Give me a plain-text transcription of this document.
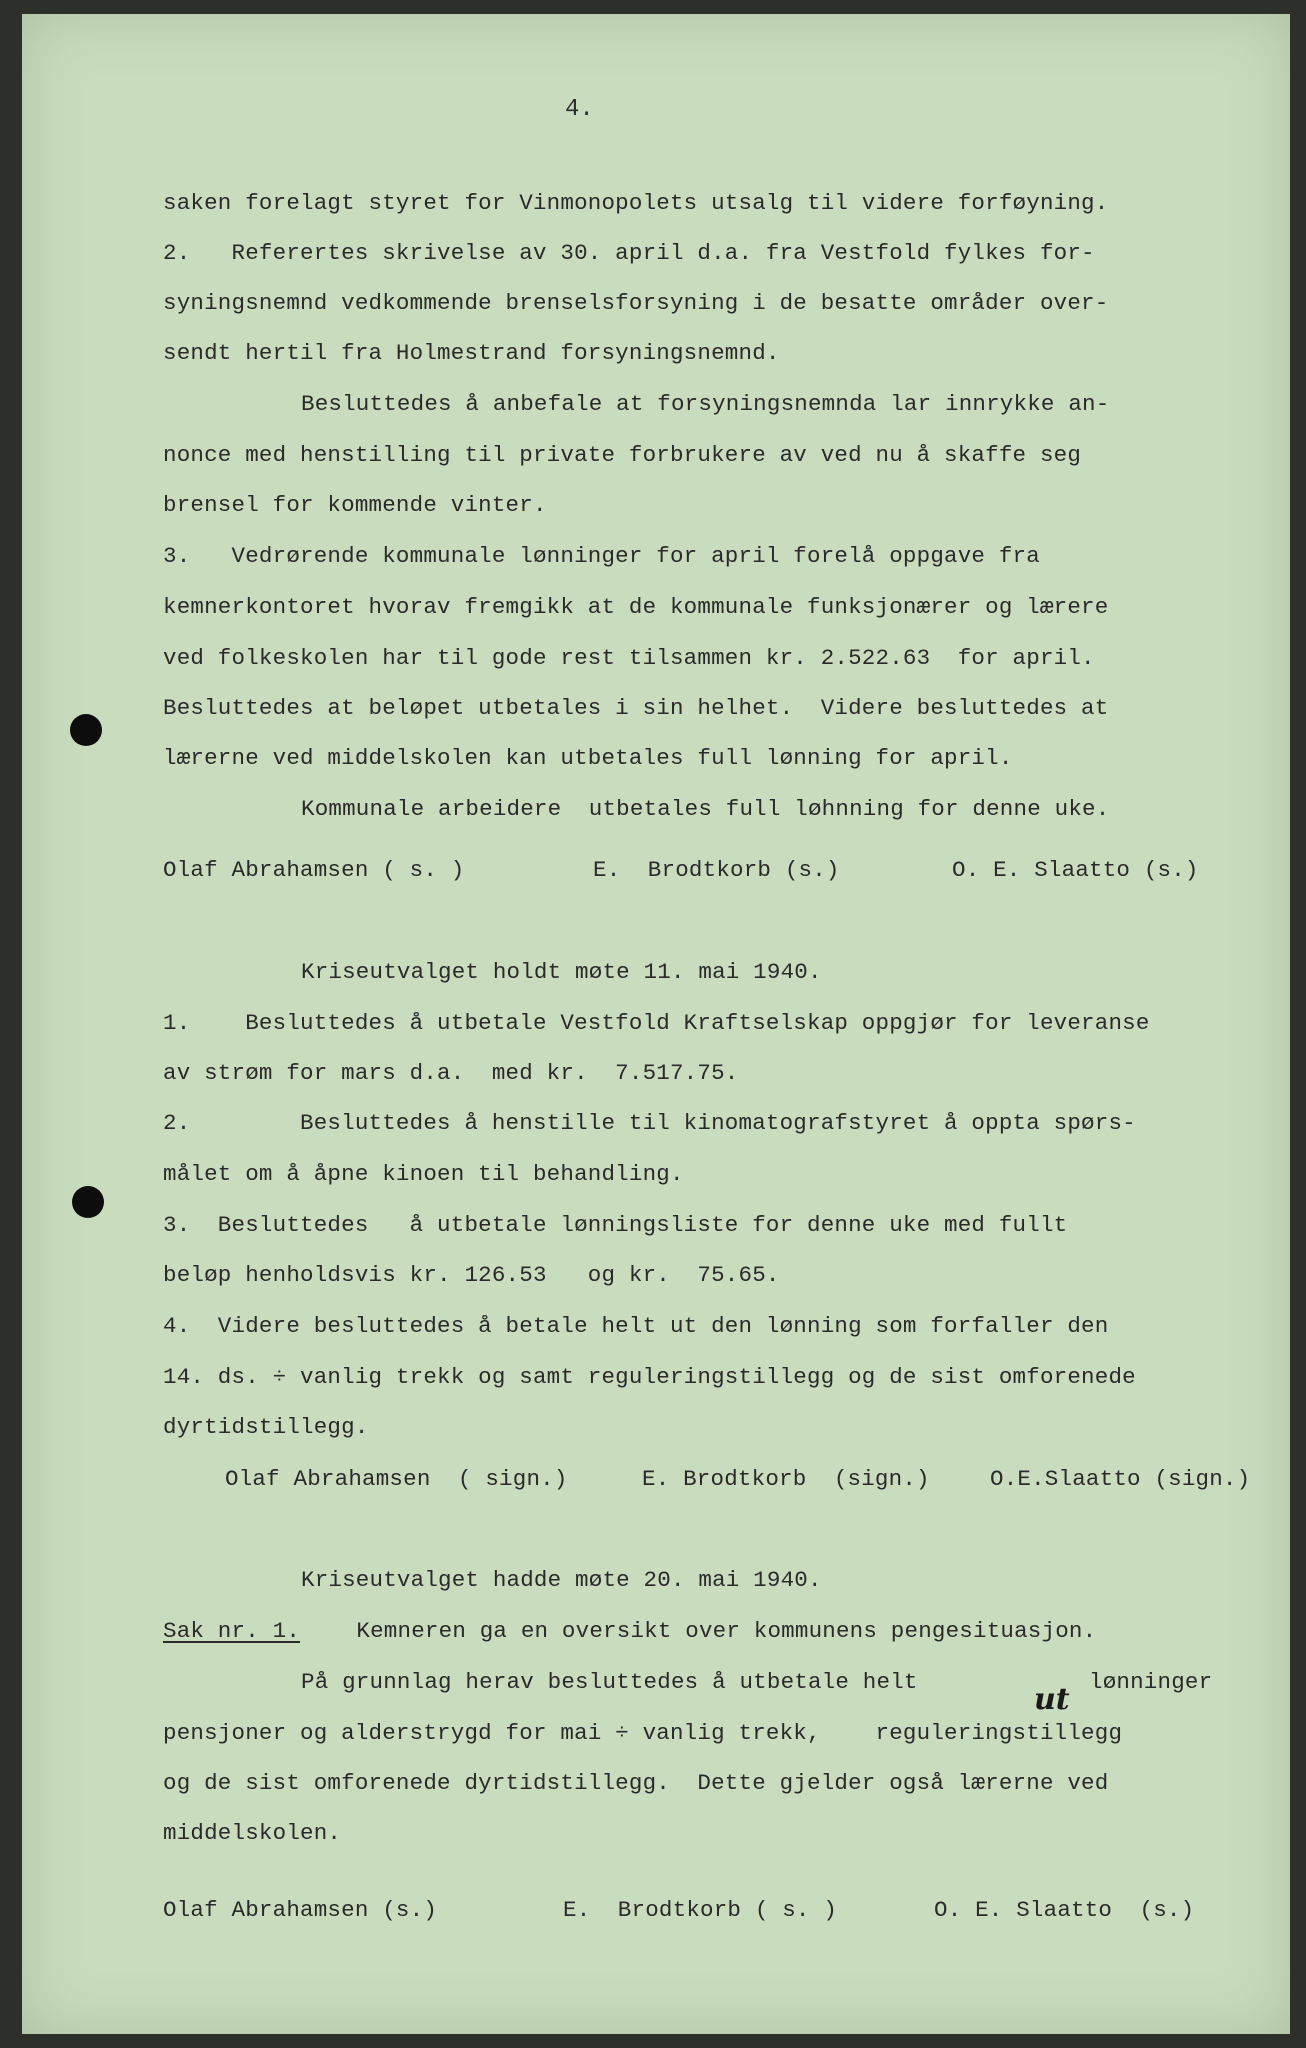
4.
saken forelagt styret for Vinmonopolets utsalg til videre forføyning.
2.   Referertes skrivelse av 30. april d.a. fra Vestfold fylkes for-
syningsnemnd vedkommende brenselsforsyning i de besatte områder over-
sendt hertil fra Holmestrand forsyningsnemnd.
Besluttedes å anbefale at forsyningsnemnda lar innrykke an-
nonce med henstilling til private forbrukere av ved nu å skaffe seg
brensel for kommende vinter.
3.   Vedrørende kommunale lønninger for april forelå oppgave fra
kemnerkontoret hvorav fremgikk at de kommunale funksjonærer og lærere
ved folkeskolen har til gode rest tilsammen kr. 2.522.63  for april.
Besluttedes at beløpet utbetales i sin helhet.  Videre besluttedes at
lærerne ved middelskolen kan utbetales full lønning for april.
Kommunale arbeidere  utbetales full løhnning for denne uke.
Olaf Abrahamsen ( s. )	E.  Brodtkorb (s.)	O. E. Slaatto (s.)
Kriseutvalget holdt møte 11. mai 1940.
1.    Besluttedes å utbetale Vestfold Kraftselskap oppgjør for leveranse
av strøm for mars d.a.  med kr.  7.517.75.
2.        Besluttedes å henstille til kinomatografstyret å oppta spørs-
målet om å åpne kinoen til behandling.
3.  Besluttedes   å utbetale lønningsliste for denne uke med fullt
beløp henholdsvis kr. 126.53   og kr.  75.65.
4.  Videre besluttedes å betale helt ut den lønning som forfaller den
14. ds. ÷ vanlig trekk og samt reguleringstillegg og de sist omforenede
dyrtidstillegg.
Olaf Abrahamsen  ( sign.)	E. Brodtkorb  (sign.)	O.E.Slaatto (sign.)
Kriseutvalget hadde møte 20. mai 1940.
Sak nr. 1. Kemneren ga en oversikt over kommunens pengesituasjon.
På grunnlag herav besluttedes å utbetale helt	ut lønninger
pensjoner og alderstrygd for mai ÷ vanlig trekk,    reguleringstillegg
og de sist omforenede dyrtidstillegg.  Dette gjelder også lærerne ved
middelskolen.
Olaf Abrahamsen (s.)	E.  Brodtkorb ( s. )	O. E. Slaatto  (s.)
